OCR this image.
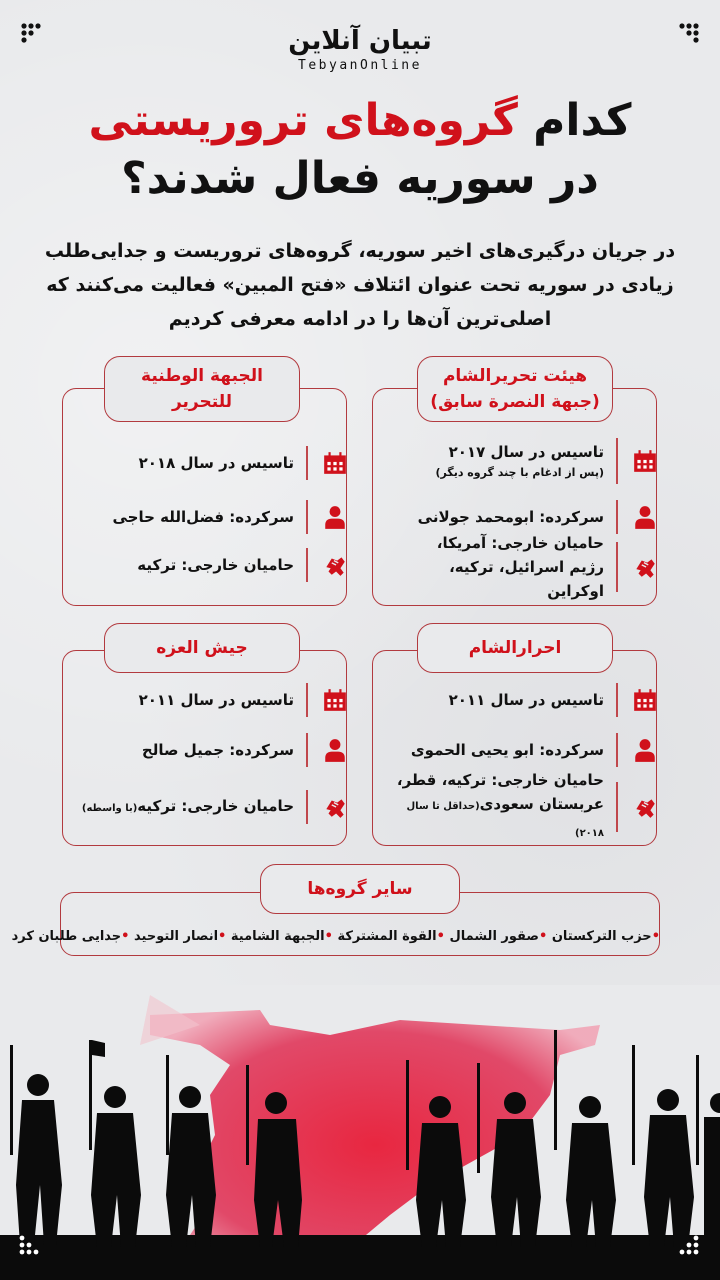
تبیان آنلاین
TebyanOnline
کدام گروه‌های تروریستی
در سوریه فعال شدند؟
در جریان درگیری‌های اخیر سوریه، گروه‌های تروریست و جدایی‌طلب زیادی در سوریه تحت عنوان ائتلاف «فتح المبین» فعالیت می‌کنند که اصلی‌ترین آن‌ها را در ادامه معرفی کردیم
هیئت تحریرالشام
(جبهة النصرة سابق)
تاسیس در سال ۲۰۱۷
(پس از ادغام با چند گروه دیگر)
سرکرده: ابومحمد جولانی
حامیان خارجی: آمریکا،
رژیم اسرائیل، ترکیه، اوکراین
الجبهة الوطنية
للتحرير
تاسیس در سال ۲۰۱۸
سرکرده: فضل‌الله حاجی
حامیان خارجی: ترکیه
احرارالشام
تاسیس در سال ۲۰۱۱
سرکرده: ابو یحیی الحموی
حامیان خارجی: ترکیه، قطر،
عربستان سعودی(حداقل تا سال ۲۰۱۸)
جیش العزه
تاسیس در سال ۲۰۱۱
سرکرده: جمیل صالح
حامیان خارجی: ترکیه(با واسطه)
سایر گروه‌ها
•حزب الترکستان •صقور الشمال •القوة المشترکة •الجبهة الشامية •انصار التوحید •جدایی طلبان کرد
